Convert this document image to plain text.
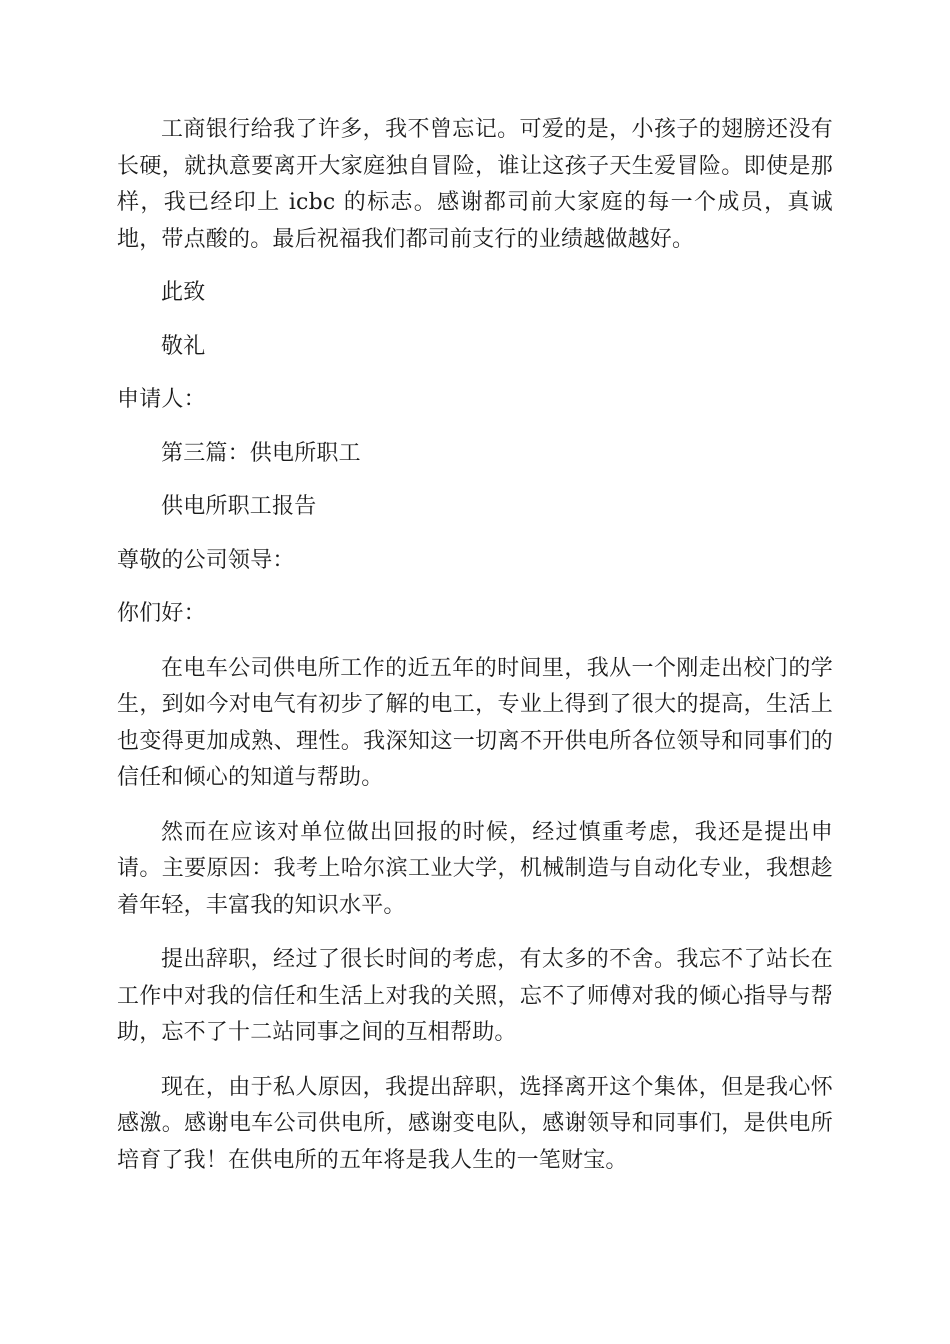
工商银行给我了许多，我不曾忘记。可爱的是，小孩子的翅膀还没有长硬，就执意要离开大家庭独自冒险，谁让这孩子天生爱冒险。即使是那样，我已经印上 icbc 的标志。感谢都司前大家庭的每一个成员，真诚地，带点酸的。最后祝福我们都司前支行的业绩越做越好。

此致

敬礼

申请人：

第三篇：供电所职工

供电所职工报告

尊敬的公司领导：

你们好：

在电车公司供电所工作的近五年的时间里，我从一个刚走出校门的学生，到如今对电气有初步了解的电工，专业上得到了很大的提高，生活上也变得更加成熟、理性。我深知这一切离不开供电所各位领导和同事们的信任和倾心的知道与帮助。

然而在应该对单位做出回报的时候，经过慎重考虑，我还是提出申请。主要原因：我考上哈尔滨工业大学，机械制造与自动化专业，我想趁着年轻，丰富我的知识水平。

提出辞职，经过了很长时间的考虑，有太多的不舍。我忘不了站长在工作中对我的信任和生活上对我的关照，忘不了师傅对我的倾心指导与帮助，忘不了十二站同事之间的互相帮助。

现在，由于私人原因，我提出辞职，选择离开这个集体，但是我心怀感激。感谢电车公司供电所，感谢变电队，感谢领导和同事们，是供电所培育了我！在供电所的五年将是我人生的一笔财宝。
